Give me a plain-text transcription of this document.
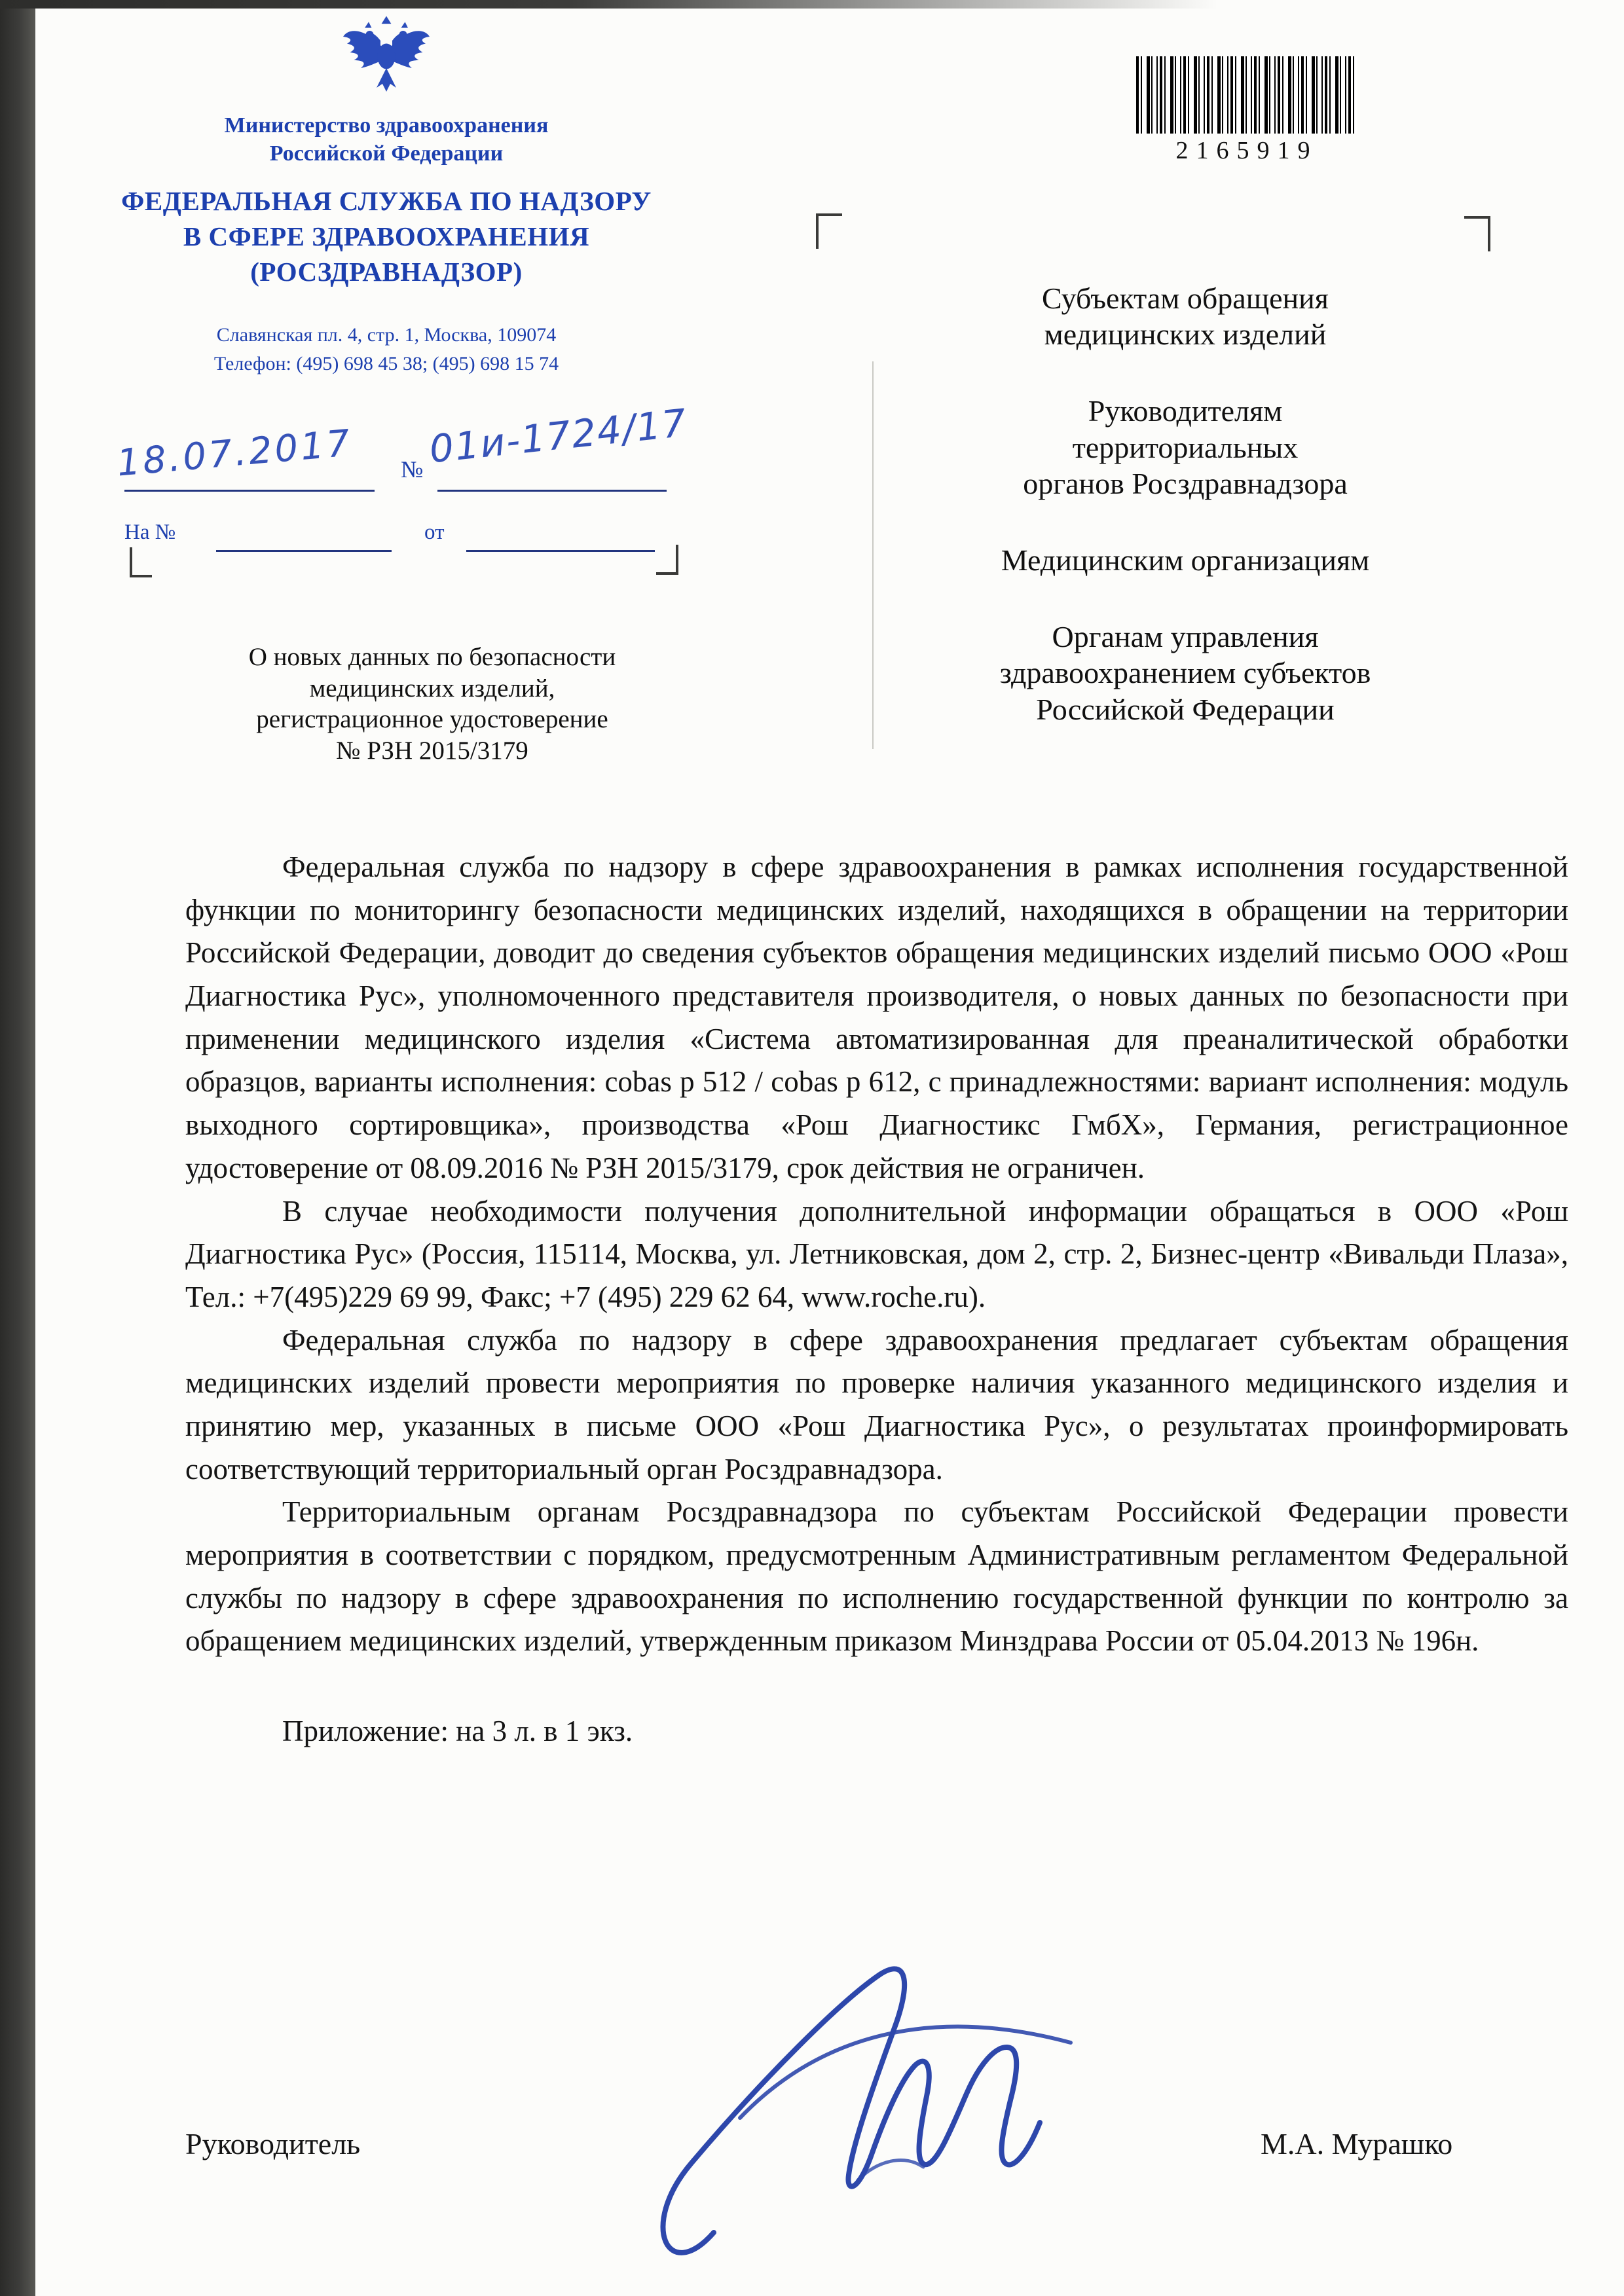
Министерство здравоохранения
Российской Федерации
ФЕДЕРАЛЬНАЯ СЛУЖБА ПО НАДЗОРУ
В СФЕРЕ ЗДРАВООХРАНЕНИЯ
(РОСЗДРАВНАДЗОР)
Славянская пл. 4, стр. 1, Москва, 109074
Телефон: (495) 698 45 38; (495) 698 15 74
18.07.2017 № 01и-1724/17
На №	от
2165919
Субъектам обращения
медицинских изделий
Руководителям
территориальных
органов Росздравнадзора
Медицинским организациям
Органам управления
здравоохранением субъектов
Российской Федерации
О новых данных по безопасности
медицинских изделий,
регистрационное удостоверение
№ РЗН 2015/3179

Федеральная служба по надзору в сфере здравоохранения в рамках исполнения государственной функции по мониторингу безопасности медицинских изделий, находящихся в обращении на территории Российской Федерации, доводит до сведения субъектов обращения медицинских изделий письмо ООО «Рош Диагностика Рус», уполномоченного представителя производителя, о новых данных по безопасности при применении медицинского изделия «Система автоматизированная для преаналитической обработки образцов, варианты исполнения: cobas p 512 / cobas p 612, с принадлежностями: вариант исполнения: модуль выходного сортировщика», производства «Рош Диагностикс ГмбХ», Германия, регистрационное удостоверение от 08.09.2016 № РЗН 2015/3179, срок действия не ограничен.

В случае необходимости получения дополнительной информации обращаться в ООО «Рош Диагностика Рус» (Россия, 115114, Москва, ул. Летниковская, дом 2, стр. 2, Бизнес-центр «Вивальди Плаза», Тел.: +7(495)229 69 99, Факс; +7 (495) 229 62 64, www.roche.ru).

Федеральная служба по надзору в сфере здравоохранения предлагает субъектам обращения медицинских изделий провести мероприятия по проверке наличия указанного медицинского изделия и принятию мер, указанных в письме ООО «Рош Диагностика Рус», о результатах проинформировать соответствующий территориальный орган Росздравнадзора.

Территориальным органам Росздравнадзора по субъектам Российской Федерации провести мероприятия в соответствии с порядком, предусмотренным Административным регламентом Федеральной службы по надзору в сфере здравоохранения по исполнению государственной функции по контролю за обращением медицинских изделий, утвержденным приказом Минздрава России от 05.04.2013 № 196н.

Приложение: на 3 л. в 1 экз.

Руководитель	М.А. Мурашко
